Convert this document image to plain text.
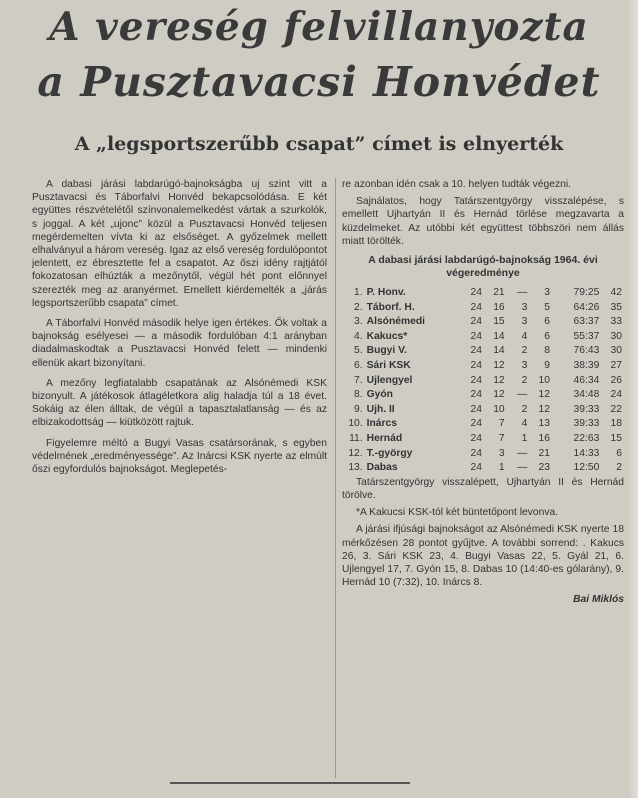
A vereség felvillanyozta
a Pusztavacsi Honvédet
A „legsportszerűbb csapat” címet is elnyerték

A dabasi járási labdarúgó-bajnokságba uj szint vitt a Pusztavacsi és Táborfalvi Honvéd bekapcsolódása. E két együttes részvételétől színvonalemelkedést vártak a szurkolók, s joggal. A két „ujonc” közül a Pusztavacsi Honvéd teljesen megérdemelten vívta ki az elsőséget. A győzelmek mellett elhalványul a három vereség. Igaz az első vereség fordulópontot jelentett, ez ébresztette fel a csapatot. Az őszi idény rajtjától fokozatosan elhúzták a mezőnytől, végül hét pont előnnyel szerezték meg az aranyérmet. Emellett kiérdemelték a „járás legsportszerűbb csapata” címet.

A Táborfalvi Honvéd második helye igen értékes. Ők voltak a bajnokság esélyesei — a második fordulóban 4:1 arányban diadalmaskodtak a Pusztavacsi Honvéd felett — mindenki ellenük akart bizonyítani.

A mezőny legfiatalabb csapatának az Alsónémedi KSK bizonyult. A játékosok átlagéletkora alig haladja túl a 18 évet. Sokáig az élen álltak, de végül a tapasztalatlanság — és az elbizakodottság — kiütközött rajtuk.

Figyelemre méltó a Bugyi Vasas csatársorának, s egyben védelmének „eredményessége”. Az Inárcsi KSK nyerte az elmúlt őszi egyfordulós bajnokságot. Meglepetés-

re azonban idén csak a 10. helyen tudták végezni.

Sajnálatos, hogy Tatárszentgyörgy visszalépése, s emellett Ujhartyán II és Hernád törlése megzavarta a küzdelmeket. Az utóbbi két együttest többszöri nem állás miatt törölték.

A dabasi járási labdarúgó-bajnokság 1964. évi végeredménye
1.	P. Honv.	24	21	—	3	79:25	42
2.	Táborf. H.	24	16	3	5	64:26	35
3.	Alsónémedi	24	15	3	6	63:37	33
4.	Kakucs*	24	14	4	6	55:37	30
5.	Bugyi V.	24	14	2	8	76:43	30
6.	Sári KSK	24	12	3	9	38:39	27
7.	Ujlengyel	24	12	2	10	46:34	26
8.	Gyón	24	12	—	12	34:48	24
9.	Ujh. II	24	10	2	12	39:33	22
10.	Inárcs	24	7	4	13	39:33	18
11.	Hernád	24	7	1	16	22:63	15
12.	T.-györgy	24	3	—	21	14:33	6
13.	Dabas	24	1	—	23	12:50	2

Tatárszentgyörgy visszalépett, Ujhartyán II és Hernád törölve.

*A Kakucsi KSK-tól két büntetőpont levonva.

A járási ifjúsági bajnokságot az Alsónémedi KSK nyerte 18 mérkőzésen 28 pontot gyűjtve. A további sorrend: . Kakucs 26, 3. Sári KSK 23, 4. Bugyi Vasas 22, 5. Gyál 21, 6. Ujlengyel 17, 7. Gyón 15, 8. Dabas 10 (14:40-es gólarány), 9. Hernád 10 (7:32), 10. Inárcs 8.

Bai Miklós
